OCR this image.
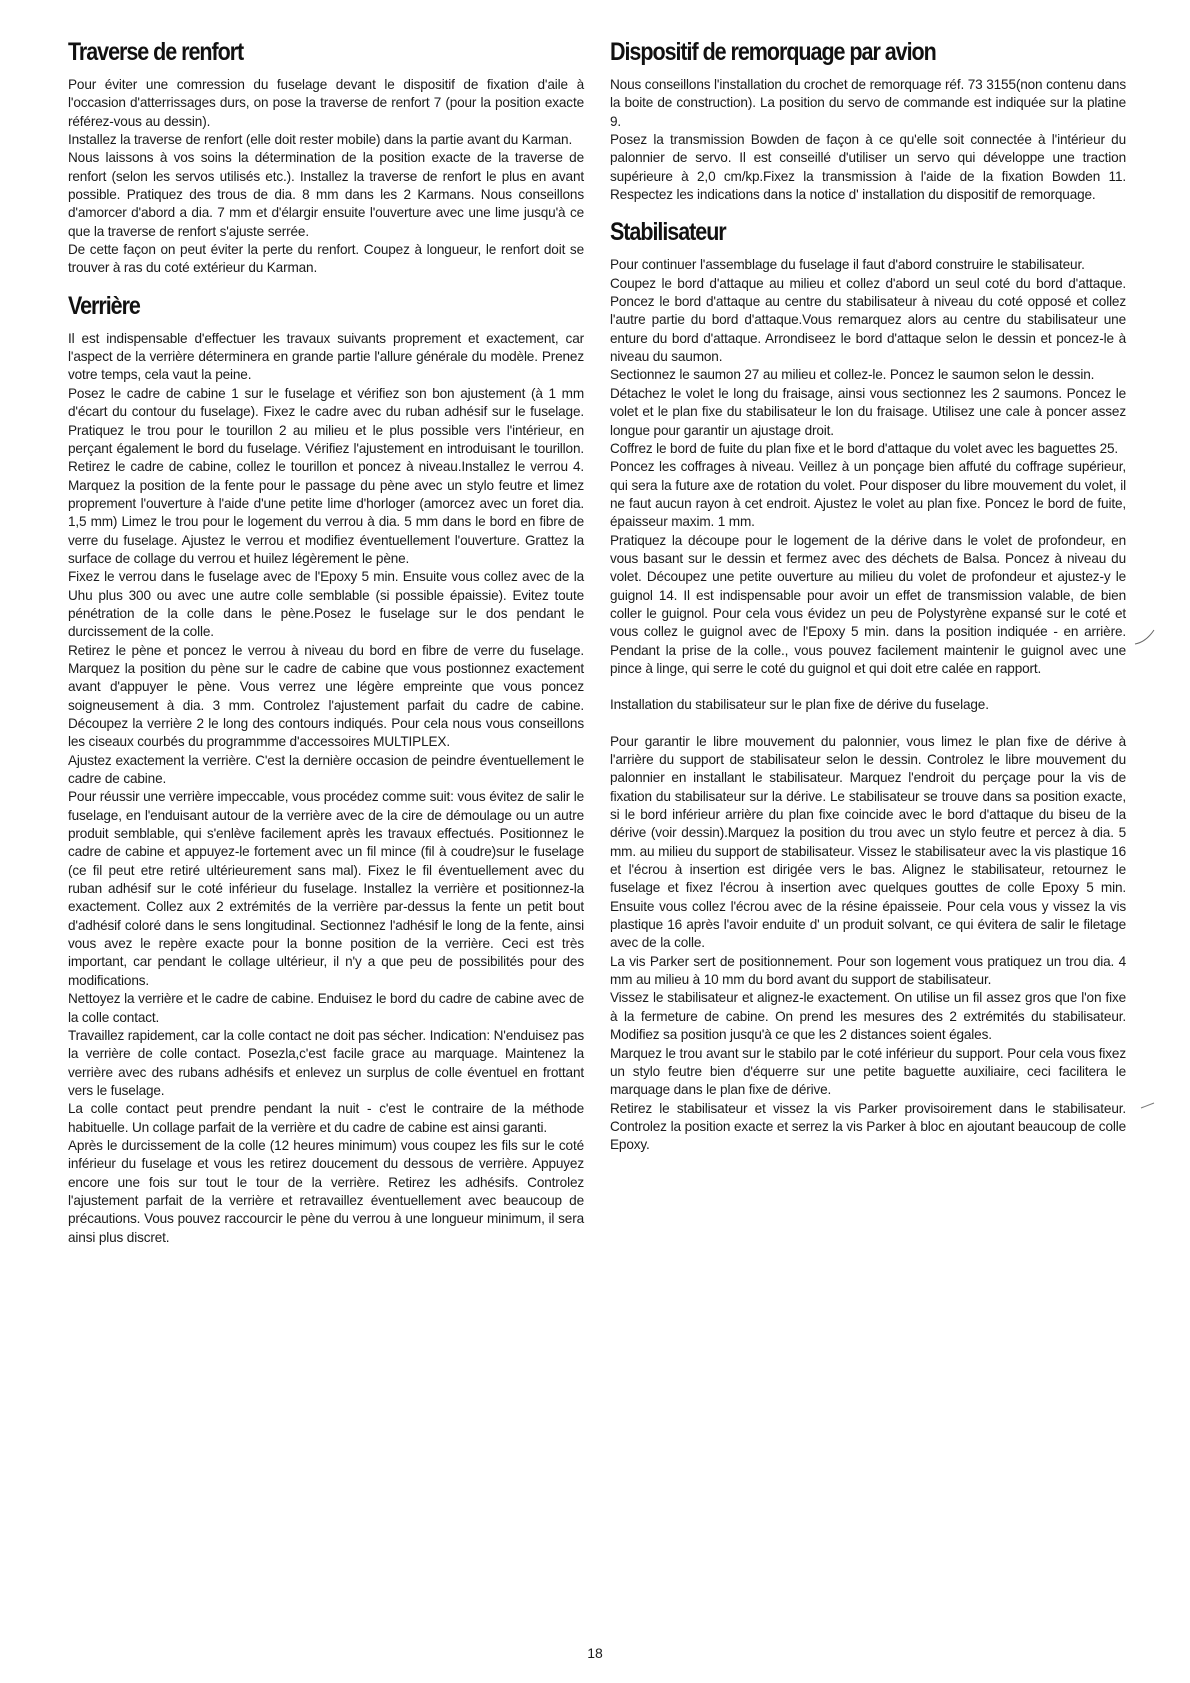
Traverse de renfort

Pour éviter une comression du fuselage devant le dispositif de fixation d'aile à l'occasion d'atterrissages durs, on pose la traverse de renfort 7 (pour la position exacte référez-vous au dessin).

Installez la traverse de renfort (elle doit rester mobile) dans la partie avant du Karman.

Nous laissons à vos soins la détermination de la position exacte de la traverse de renfort (selon les servos utilisés etc.). Installez la traverse de renfort le plus en avant possible. Pratiquez des trous de dia. 8 mm dans les 2 Karmans. Nous conseillons d'amorcer d'abord a dia. 7 mm et d'élargir ensuite l'ouverture avec une lime jusqu'à ce que la traverse de renfort s'ajuste serrée.

De cette façon on peut éviter la perte du renfort. Coupez à longueur, le renfort doit se trouver à ras du coté extérieur du Karman.

Verrière

Il est indispensable d'effectuer les travaux suivants proprement et exactement, car l'aspect de la verrière déterminera en grande partie l'allure générale du modèle. Prenez votre temps, cela vaut la peine.

Posez le cadre de cabine 1 sur le fuselage et vérifiez son bon ajustement (à 1 mm d'écart du contour du fuselage). Fixez le cadre avec du ruban adhésif sur le fuselage. Pratiquez le trou pour le tourillon 2 au milieu et le plus possible vers l'intérieur, en perçant également le bord du fuselage. Vérifiez l'ajustement en introduisant le tourillon. Retirez le cadre de cabine, collez le tourillon et poncez à niveau.Installez le verrou 4. Marquez la position de la fente pour le passage du pène avec un stylo feutre et limez proprement l'ouverture à l'aide d'une petite lime d'horloger (amorcez avec un foret dia. 1,5 mm) Limez le trou pour le logement du verrou à dia. 5 mm dans le bord en fibre de verre du fuselage. Ajustez le verrou et modifiez éventuellement l'ouverture. Grattez la surface de collage du verrou et huilez légèrement le pène.

Fixez le verrou dans le fuselage avec de l'Epoxy 5 min. Ensuite vous collez avec de la Uhu plus 300 ou avec une autre colle semblable (si possible épaissie). Evitez toute pénétration de la colle dans le pène.Posez le fuselage sur le dos pendant le durcissement de la colle.

Retirez le pène et poncez le verrou à niveau du bord en fibre de verre du fuselage. Marquez la position du pène sur le cadre de cabine que vous postionnez exactement avant d'appuyer le pène. Vous verrez une légère empreinte que vous poncez soigneusement à dia. 3 mm. Controlez l'ajustement parfait du cadre de cabine. Découpez la verrière 2 le long des contours indiqués. Pour cela nous vous conseillons les ciseaux courbés du programmme d'accessoires MULTIPLEX.

Ajustez exactement la verrière. C'est la dernière occasion de peindre éventuellement le cadre de cabine.

Pour réussir une verrière impeccable, vous procédez comme suit: vous évitez de salir le fuselage, en l'enduisant autour de la verrière avec de la cire de démoulage ou un autre produit semblable, qui s'enlève facilement après les travaux effectués. Positionnez le cadre de cabine et appuyez-le fortement avec un fil mince (fil à coudre)sur le fuselage (ce fil peut etre retiré ultérieurement sans mal). Fixez le fil éventuellement avec du ruban adhésif sur le coté inférieur du fuselage. Installez la verrière et positionnez-la exactement. Collez aux 2 extrémités de la verrière par-dessus la fente un petit bout d'adhésif coloré dans le sens longitudinal. Sectionnez l'adhésif le long de la fente, ainsi vous avez le repère exacte pour la bonne position de la verrière. Ceci est très important, car pendant le collage ultérieur, il n'y a que peu de possibilités pour des modifications.

Nettoyez la verrière et le cadre de cabine. Enduisez le bord du cadre de cabine avec de la colle contact.

Travaillez rapidement, car la colle contact ne doit pas sécher. Indication: N'enduisez pas la verrière de colle contact. Posezla,c'est facile grace au marquage. Maintenez la verrière avec des rubans adhésifs et enlevez un surplus de colle éventuel en frottant vers le fuselage.

La colle contact peut prendre pendant la nuit - c'est le contraire de la méthode habituelle. Un collage parfait de la verrière et du cadre de cabine est ainsi garanti.

Après le durcissement de la colle (12 heures minimum) vous coupez les fils sur le coté inférieur du fuselage et vous les retirez doucement du dessous de verrière. Appuyez encore une fois sur tout le tour de la verrière. Retirez les adhésifs. Controlez l'ajustement parfait de la verrière et retravaillez éventuellement avec beaucoup de précautions. Vous pouvez raccourcir le pène du verrou à une longueur minimum, il sera ainsi plus discret.

Dispositif de remorquage par avion

Nous conseillons l'installation du crochet de remorquage réf. 73 3155(non contenu dans la boite de construction). La position du servo de commande est indiquée sur la platine 9.

Posez la transmission Bowden de façon à ce qu'elle soit connectée à l'intérieur du palonnier de servo. Il est conseillé d'utiliser un servo qui développe une traction supérieure à 2,0 cm/kp.Fixez la transmission à l'aide de la fixation Bowden 11. Respectez les indications dans la notice d' installation du dispositif de remorquage.

Stabilisateur

Pour continuer l'assemblage du fuselage il faut d'abord construire le stabilisateur.

Coupez le bord d'attaque au milieu et collez d'abord un seul coté du bord d'attaque. Poncez le bord d'attaque au centre du stabilisateur à niveau du coté opposé et collez l'autre partie du bord d'attaque.Vous remarquez alors au centre du stabilisateur une enture du bord d'attaque. Arrondiseez le bord d'attaque selon le dessin et poncez-le à niveau du saumon.

Sectionnez le saumon 27 au milieu et collez-le. Poncez le saumon selon le dessin.

Détachez le volet le long du fraisage, ainsi vous sectionnez les 2 saumons. Poncez le volet et le plan fixe du stabilisateur le lon du fraisage. Utilisez une cale à poncer assez longue pour garantir un ajustage droit.

Coffrez le bord de fuite du plan fixe et le bord d'attaque du volet avec les baguettes 25.

Poncez les coffrages à niveau. Veillez à un ponçage bien affuté du coffrage supérieur, qui sera la future axe de rotation du volet. Pour disposer du libre mouvement du volet, il ne faut aucun rayon à cet endroit. Ajustez le volet au plan fixe. Poncez le bord de fuite, épaisseur maxim. 1 mm.

Pratiquez la découpe pour le logement de la dérive dans le volet de profondeur, en vous basant sur le dessin et fermez avec des déchets de Balsa. Poncez à niveau du volet. Découpez une petite ouverture au milieu du volet de profondeur et ajustez-y le guignol 14. Il est indispensable pour avoir un effet de transmission valable, de bien coller le guignol. Pour cela vous évidez un peu de Polystyrène expansé sur le coté et vous collez le guignol avec de l'Epoxy 5 min. dans la position indiquée - en arrière. Pendant la prise de la colle., vous pouvez facilement maintenir le guignol avec une pince à linge, qui serre le coté du guignol et qui doit etre calée en rapport.

Installation du stabilisateur sur le plan fixe de dérive du fuselage.

Pour garantir le libre mouvement du palonnier, vous limez le plan fixe de dérive à l'arrière du support de stabilisateur selon le dessin. Controlez le libre mouvement du palonnier en installant le stabilisateur. Marquez l'endroit du perçage pour la vis de fixation du stabilisateur sur la dérive. Le stabilisateur se trouve dans sa position exacte, si le bord inférieur arrière du plan fixe coincide avec le bord d'attaque du biseu de la dérive (voir dessin).Marquez la position du trou avec un stylo feutre et percez à dia. 5 mm. au milieu du support de stabilisateur. Vissez le stabilisateur avec la vis plastique 16 et l'écrou à insertion est dirigée vers le bas. Alignez le stabilisateur, retournez le fuselage et fixez l'écrou à insertion avec quelques gouttes de colle Epoxy 5 min. Ensuite vous collez l'écrou avec de la résine épaisseie. Pour cela vous y vissez la vis plastique 16 après l'avoir enduite d' un produit solvant, ce qui évitera de salir le filetage avec de la colle.

La vis Parker sert de positionnement. Pour son logement vous pratiquez un trou dia. 4 mm au milieu à 10 mm du bord avant du support de stabilisateur.

Vissez le stabilisateur et alignez-le exactement. On utilise un fil assez gros que l'on fixe à la fermeture de cabine. On prend les mesures des 2 extrémités du stabilisateur. Modifiez sa position jusqu'à ce que les 2 distances soient égales.

Marquez le trou avant sur le stabilo par le coté inférieur du support. Pour cela vous fixez un stylo feutre bien d'équerre sur une petite baguette auxiliaire, ceci facilitera le marquage dans le plan fixe de dérive.

Retirez le stabilisateur et vissez la vis Parker provisoirement dans le stabilisateur. Controlez la position exacte et serrez la vis Parker à bloc en ajoutant beaucoup de colle Epoxy.

18
